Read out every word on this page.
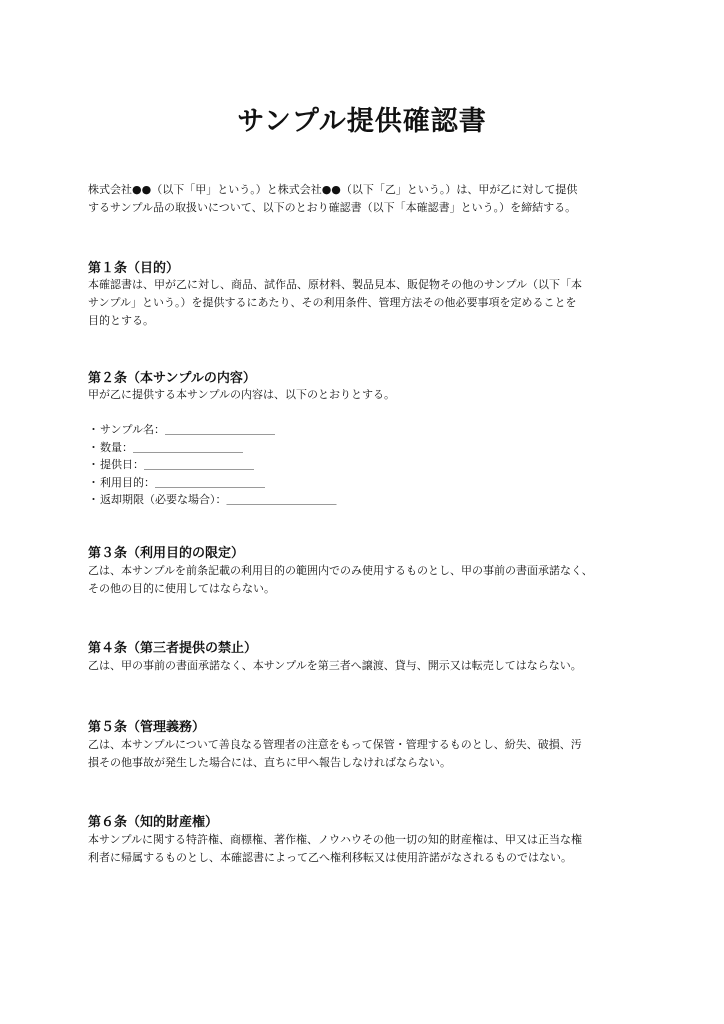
サンプル提供確認書

株式会社●●（以下「甲」という。）と株式会社●●（以下「乙」という。）は、甲が乙に対して提供
するサンプル品の取扱いについて、以下のとおり確認書（以下「本確認書」という。）を締結する。

第１条（目的）

本確認書は、甲が乙に対し、商品、試作品、原材料、製品見本、販促物その他のサンプル（以下「本
サンプル」という。）を提供するにあたり、その利用条件、管理方法その他必要事項を定めることを
目的とする。

第２条（本サンプルの内容）

甲が乙に提供する本サンプルの内容は、以下のとおりとする。

・サンプル名：＿＿＿＿＿＿＿＿＿＿
・数量：＿＿＿＿＿＿＿＿＿＿
・提供日：＿＿＿＿＿＿＿＿＿＿
・利用目的：＿＿＿＿＿＿＿＿＿＿
・返却期限（必要な場合）：＿＿＿＿＿＿＿＿＿＿
第３条（利用目的の限定）

乙は、本サンプルを前条記載の利用目的の範囲内でのみ使用するものとし、甲の事前の書面承諾なく、
その他の目的に使用してはならない。

第４条（第三者提供の禁止）

乙は、甲の事前の書面承諾なく、本サンプルを第三者へ譲渡、貸与、開示又は転売してはならない。

第５条（管理義務）

乙は、本サンプルについて善良なる管理者の注意をもって保管・管理するものとし、紛失、破損、汚
損その他事故が発生した場合には、直ちに甲へ報告しなければならない。

第６条（知的財産権）

本サンプルに関する特許権、商標権、著作権、ノウハウその他一切の知的財産権は、甲又は正当な権
利者に帰属するものとし、本確認書によって乙へ権利移転又は使用許諾がなされるものではない。
